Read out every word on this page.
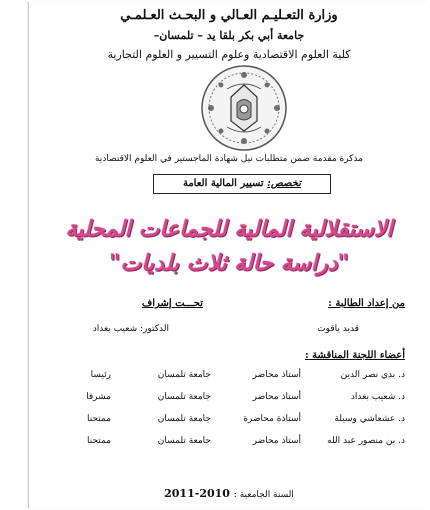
وزارة التعـليـم العـالي و البحـث العـلمـي
جامعة أبي بكر بلقا يد – تلمسان–
كلية العلوم الاقتصادية وعلوم التسيير و العلوم التجارية
مذكرة مقدمة ضمن متطلبات نيل شهادة الماجستير في العلوم الاقتصادية
تخصص: تسيير المالية العامة
الاستقلالية المالية للجماعات المحلية
"دراسة حالة ثلاث بلديات"
من إعداد الطالبة :
تحـــت إشراف
قديد ياقوت
الدكتور: شعيب بغداد
أعضاء اللجنة المناقشة :
د. بدي نصر الدين
أستاذ محاضر
جامعة تلمسان
رئيسا
د. شعيب بغداد
أستاذ محاضر
جامعة تلمسان
مشرفا
د. عشعاشي وسيلة
أستاذة محاضرة
جامعة تلمسان
ممتحنا
د. بن منصور عبد الله
أستاذ محاضر
جامعة تلمسان
ممتحنا
السنة الجامعية : 2010-2011
